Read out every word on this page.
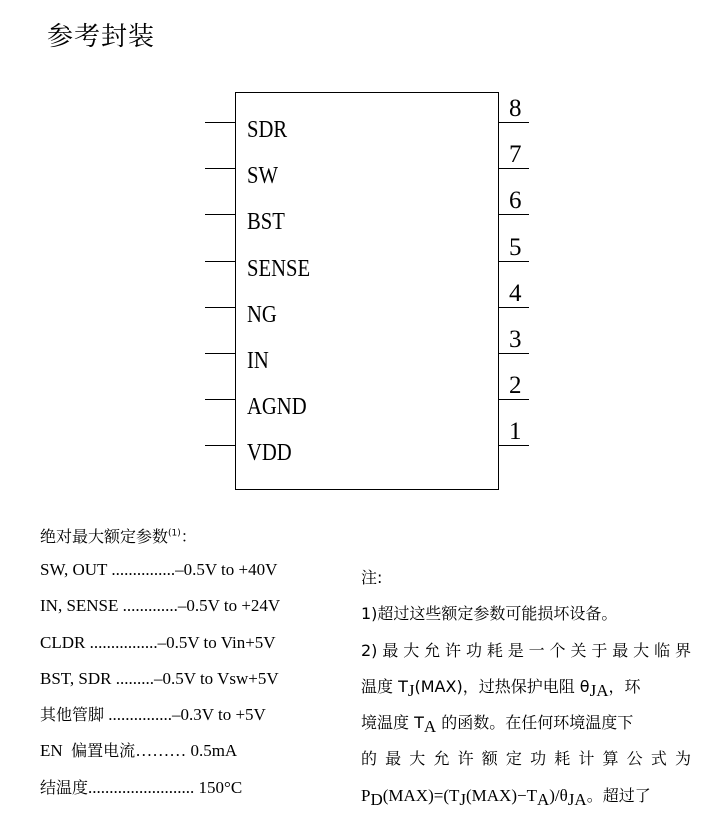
参考封装
SDR
SW
BST
SENSE
NG
IN
AGND
VDD
8
7
6
5
4
3
2
1
绝对最大额定参数$^{(1)}$：
SW, OUT ...............–0.5V to +40V
IN, SENSE .............–0.5V to +24V
CLDR ................–0.5V to Vin+5V
BST, SDR .........–0.5V to Vsw+5V
其他管脚 ...............–0.3V to +5V
EN 偏置电流……… 0.5mA
结温度......................... 150°C
注:
1)超过这些额定参数可能损坏设备。
2)最大允许功耗是一个关于最大临界
温度 $T_J(MAX)$，过热保护电阻 $\theta_{JA}$，环
境温度 $T_A$ 的函数。在任何环境温度下
的最大允许额定功耗计算公式为
$P_D(MAX)=(T_J(MAX)-T_A)/\theta_{JA}$。超过了
